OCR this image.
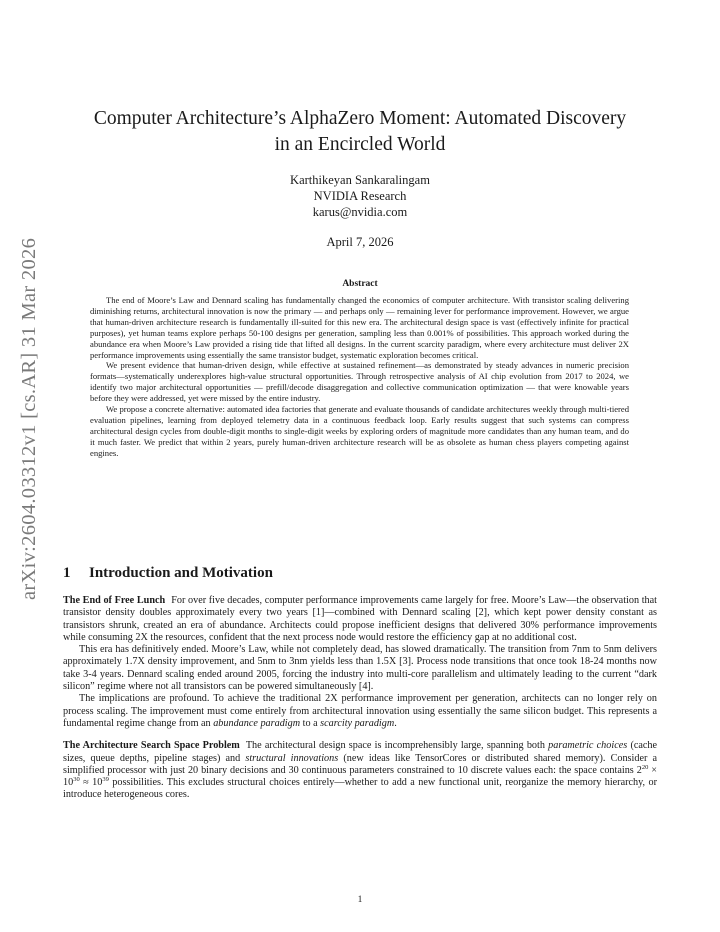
arXiv:2604.03312v1 [cs.AR] 31 Mar 2026
Computer Architecture’s AlphaZero Moment: Automated Discovery
in an Encircled World
Karthikeyan Sankaralingam
NVIDIA Research
karus@nvidia.com
April 7, 2026
Abstract

The end of Moore’s Law and Dennard scaling has fundamentally changed the economics of computer architecture. With transistor scaling delivering diminishing returns, architectural innovation is now the primary — and perhaps only — remaining lever for performance improvement. However, we argue that human-driven architecture research is fundamentally ill-suited for this new era. The architectural design space is vast (effectively infinite for practical purposes), yet human teams explore perhaps 50-100 designs per generation, sampling less than 0.001% of possibilities. This approach worked during the abundance era when Moore’s Law provided a rising tide that lifted all designs. In the current scarcity paradigm, where every architecture must deliver 2X performance improvements using essentially the same transistor budget, systematic exploration becomes critical.

We present evidence that human-driven design, while effective at sustained refinement—as demonstrated by steady advances in numeric precision formats—systematically underexplores high-value structural opportunities. Through retrospective analysis of AI chip evolution from 2017 to 2024, we identify two major architectural opportunities — prefill/decode disaggregation and collective communication optimization — that were knowable years before they were addressed, yet were missed by the entire industry.

We propose a concrete alternative: automated idea factories that generate and evaluate thousands of candidate architectures weekly through multi-tiered evaluation pipelines, learning from deployed telemetry data in a continuous feedback loop. Early results suggest that such systems can compress architectural design cycles from double-digit months to single-digit weeks by exploring orders of magnitude more candidates than any human team, and do it much faster. We predict that within 2 years, purely human-driven architecture research will be as obsolete as human chess players competing against engines.

1 Introduction and Motivation

The End of Free Lunch For over five decades, computer performance improvements came largely for free. Moore’s Law—the observation that transistor density doubles approximately every two years [1]—combined with Dennard scaling [2], which kept power density constant as transistors shrunk, created an era of abundance. Architects could propose inefficient designs that delivered 30% performance improvements while consuming 2X the resources, confident that the next process node would restore the efficiency gap at no additional cost.

This era has definitively ended. Moore’s Law, while not completely dead, has slowed dramatically. The transition from 7nm to 5nm delivers approximately 1.7X density improvement, and 5nm to 3nm yields less than 1.5X [3]. Process node transitions that once took 18-24 months now take 3-4 years. Dennard scaling ended around 2005, forcing the industry into multi-core parallelism and ultimately leading to the current “dark silicon” regime where not all transistors can be powered simultaneously [4].

The implications are profound. To achieve the traditional 2X performance improvement per generation, architects can no longer rely on process scaling. The improvement must come entirely from architectural innovation using essentially the same silicon budget. This represents a fundamental regime change from an abundance paradigm to a scarcity paradigm.

The Architecture Search Space Problem The architectural design space is incomprehensibly large, spanning both parametric choices (cache sizes, queue depths, pipeline stages) and structural innovations (new ideas like TensorCores or distributed shared memory). Consider a simplified processor with just 20 binary decisions and 30 continuous parameters constrained to 10 discrete values each: the space contains $2^{20} \times 10^{30} \approx 10^{39}$ possibilities. This excludes structural choices entirely—whether to add a new functional unit, reorganize the memory hierarchy, or introduce heterogeneous cores.

1
